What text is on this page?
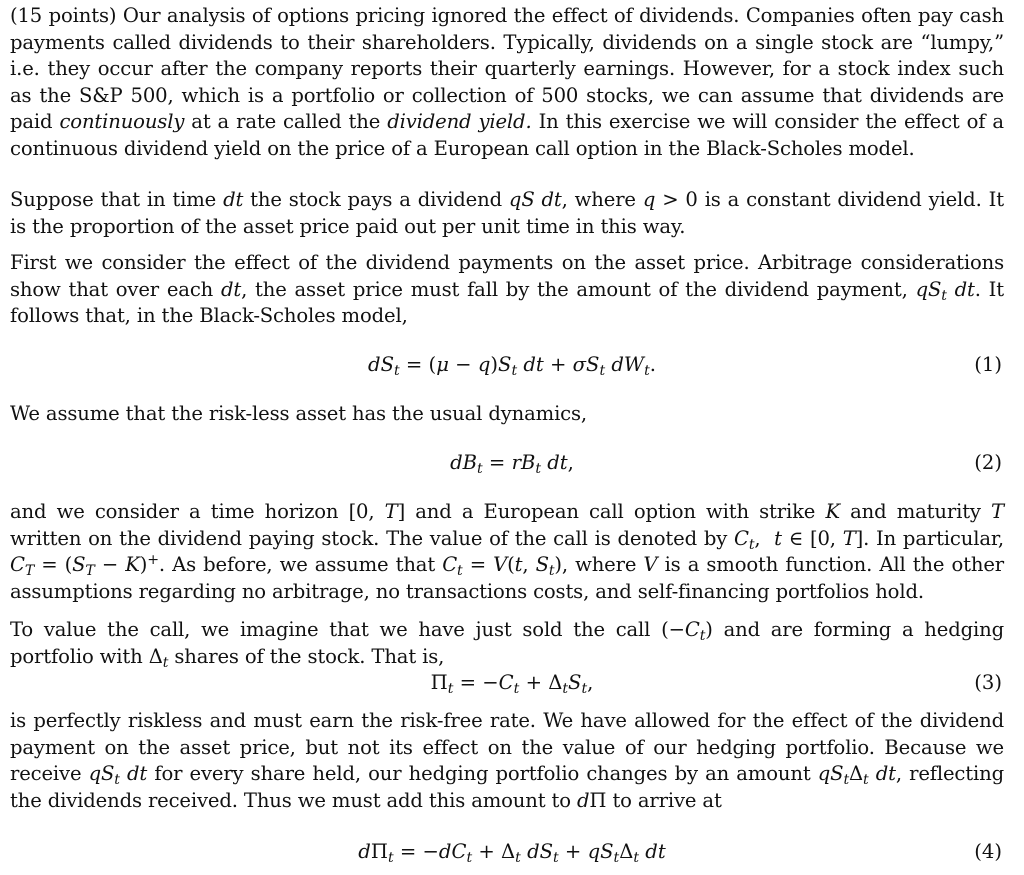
(15 points) Our analysis of options pricing ignored the effect of dividends. Companies often pay cash payments called dividends to their shareholders. Typically, dividends on a single stock are “lumpy,” i.e. they occur after the company reports their quarterly earnings. However, for a stock index such as the S&P 500, which is a portfolio or collection of 500 stocks, we can assume that dividends are paid continuously at a rate called the dividend yield. In this exercise we will consider the effect of a continuous dividend yield on the price of a European call option in the Black-Scholes model.

Suppose that in time dt the stock pays a dividend qS dt, where q > 0 is a constant dividend yield. It is the proportion of the asset price paid out per unit time in this way.

First we consider the effect of the dividend payments on the asset price. Arbitrage considerations show that over each dt, the asset price must fall by the amount of the dividend payment, $qS_t$ dt. It follows that, in the Black-Scholes model,

$dS_t = (\mu - q)S_t$ dt + $\sigma S_t$ $dW_t$.	(1)

We assume that the risk-less asset has the usual dynamics,

$dB_t = rB_t$ dt,	(2)

and we consider a time horizon [0, T] and a European call option with strike K and maturity T written on the dividend paying stock. The value of the call is denoted by $C_t$,  t ∈ [0, T]. In particular, $C_T = (S_T - K)^+$. As before, we assume that $C_t = V(t$, $S_t$), where V is a smooth function. All the other assumptions regarding no arbitrage, no transactions costs, and self-financing portfolios hold.

To value the call, we imagine that we have just sold the call $(-C_t)$ and are forming a hedging portfolio with $\Delta_t$ shares of the stock. That is,

$\Pi_t = -C_t + \Delta_tS_t$,	(3)

is perfectly riskless and must earn the risk-free rate. We have allowed for the effect of the dividend payment on the asset price, but not its effect on the value of our hedging portfolio. Because we receive $qS_t$ dt for every share held, our hedging portfolio changes by an amount $qS_t\Delta_t$ dt, reflecting the dividends received. Thus we must add this amount to dΠ to arrive at

$d\Pi_t = -dC_t + \Delta_t$ $dS_t + qS_t\Delta_t$ dt	(4)
